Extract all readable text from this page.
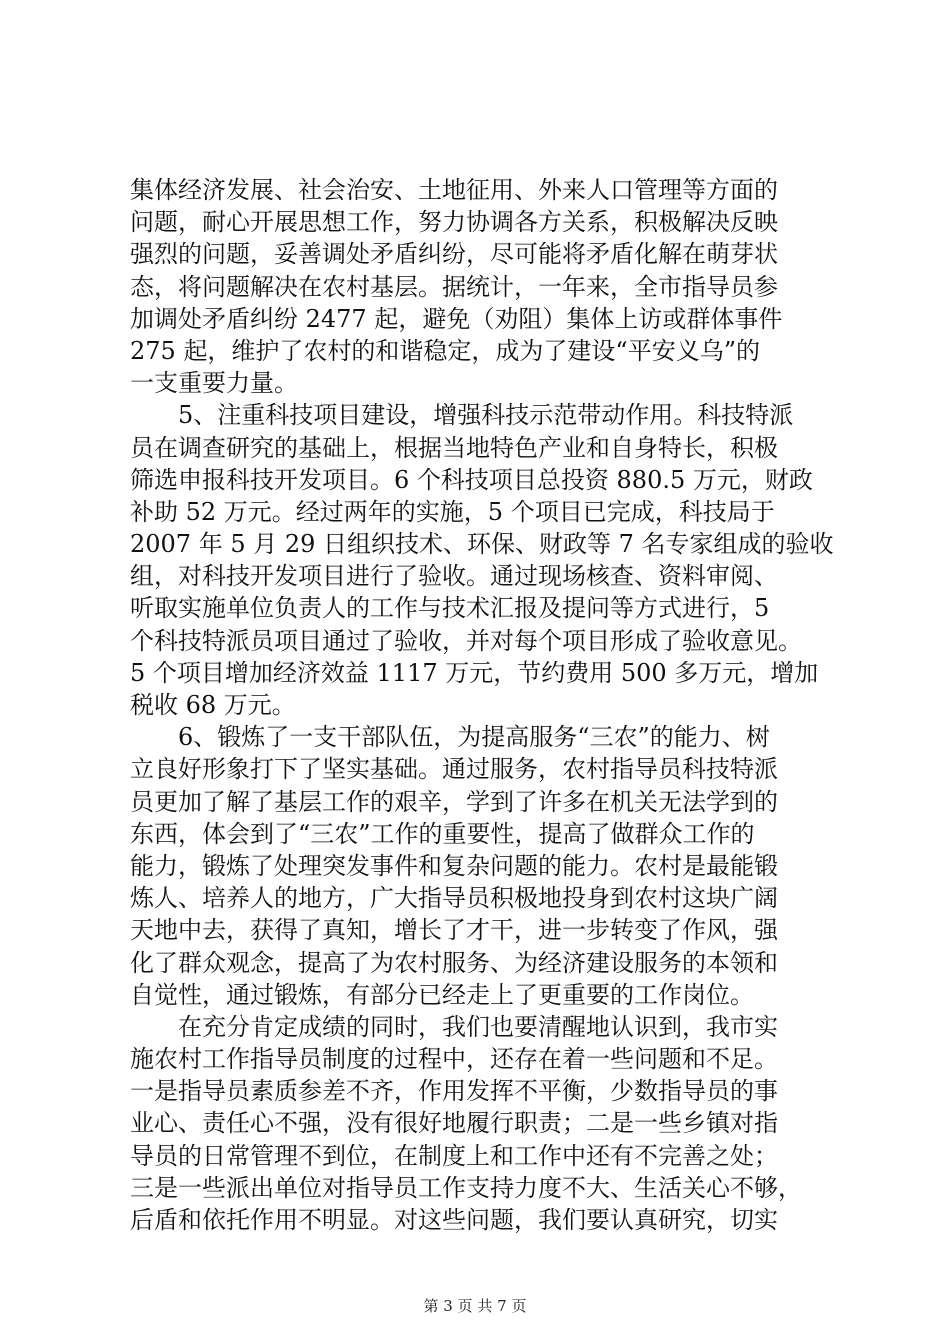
集体经济发展、社会治安、土地征用、外来人口管理等方面的
问题，耐心开展思想工作，努力协调各方关系，积极解决反映
强烈的问题，妥善调处矛盾纠纷，尽可能将矛盾化解在萌芽状
态，将问题解决在农村基层。据统计，一年来，全市指导员参
加调处矛盾纠纷 2477 起，避免（劝阻）集体上访或群体事件
275 起，维护了农村的和谐稳定，成为了建设“平安义乌”的
一支重要力量。
　　5、注重科技项目建设，增强科技示范带动作用。科技特派
员在调查研究的基础上，根据当地特色产业和自身特长，积极
筛选申报科技开发项目。6 个科技项目总投资 880.5 万元，财政
补助 52 万元。经过两年的实施，5 个项目已完成，科技局于
2007 年 5 月 29 日组织技术、环保、财政等 7 名专家组成的验收
组，对科技开发项目进行了验收。通过现场核查、资料审阅、
听取实施单位负责人的工作与技术汇报及提问等方式进行，5
个科技特派员项目通过了验收，并对每个项目形成了验收意见。
5 个项目增加经济效益 1117 万元，节约费用 500 多万元，增加
税收 68 万元。
　　6、锻炼了一支干部队伍，为提高服务“三农”的能力、树
立良好形象打下了坚实基础。通过服务，农村指导员科技特派
员更加了解了基层工作的艰辛，学到了许多在机关无法学到的
东西，体会到了“三农”工作的重要性，提高了做群众工作的
能力，锻炼了处理突发事件和复杂问题的能力。农村是最能锻
炼人、培养人的地方，广大指导员积极地投身到农村这块广阔
天地中去，获得了真知，增长了才干，进一步转变了作风，强
化了群众观念，提高了为农村服务、为经济建设服务的本领和
自觉性，通过锻炼，有部分已经走上了更重要的工作岗位。
　　在充分肯定成绩的同时，我们也要清醒地认识到，我市实
施农村工作指导员制度的过程中，还存在着一些问题和不足。
一是指导员素质参差不齐，作用发挥不平衡，少数指导员的事
业心、责任心不强，没有很好地履行职责；二是一些乡镇对指
导员的日常管理不到位，在制度上和工作中还有不完善之处；
三是一些派出单位对指导员工作支持力度不大、生活关心不够，
后盾和依托作用不明显。对这些问题，我们要认真研究，切实
第 3 页 共 7 页
